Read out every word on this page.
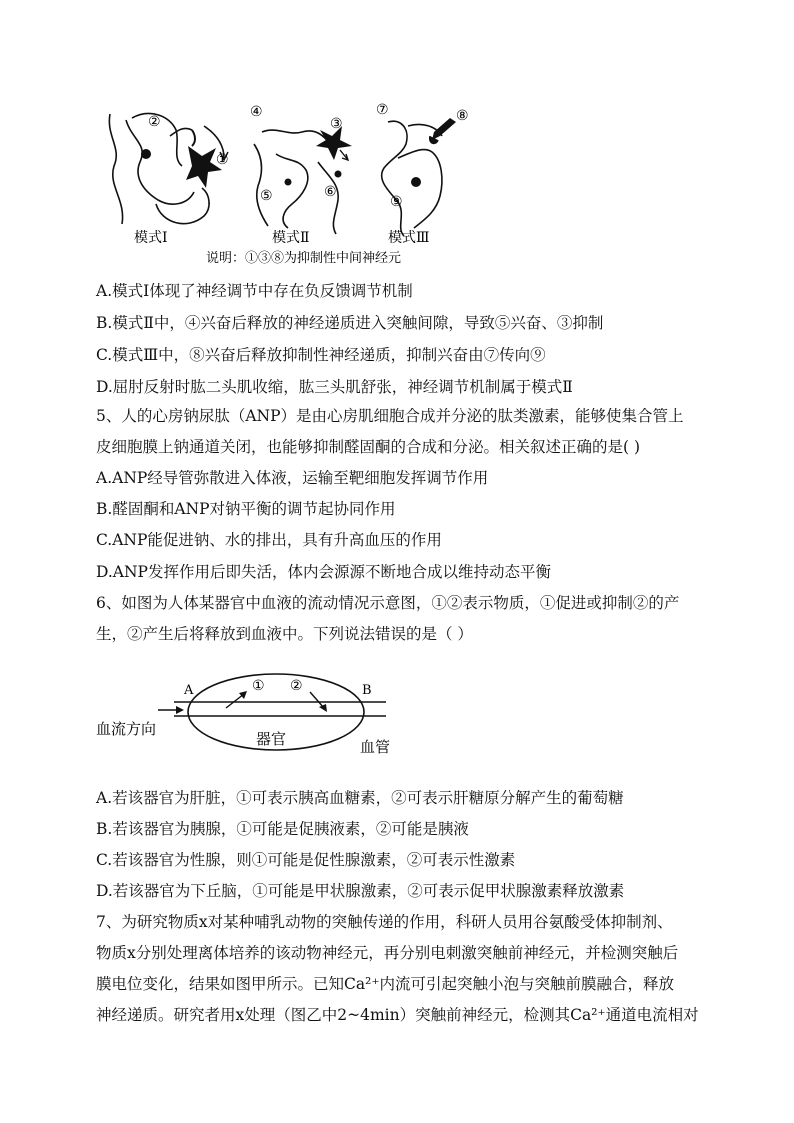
②
①
④
③
⑤	⑥
⑦	⑧
⑨
模式Ⅰ	模式Ⅱ	模式Ⅲ
说明：①③⑧为抑制性中间神经元
A.模式Ⅰ体现了神经调节中存在负反馈调节机制
B.模式Ⅱ中，④兴奋后释放的神经递质进入突触间隙，导致⑤兴奋、③抑制
C.模式Ⅲ中，⑧兴奋后释放抑制性神经递质，抑制兴奋由⑦传向⑨
D.屈肘反射时肱二头肌收缩，肱三头肌舒张，神经调节机制属于模式Ⅱ
5、人的心房钠尿肽（ANP）是由心房肌细胞合成并分泌的肽类激素，能够使集合管上
皮细胞膜上钠通道关闭，也能够抑制醛固酮的合成和分泌。相关叙述正确的是( )
A.ANP经导管弥散进入体液，运输至靶细胞发挥调节作用
B.醛固酮和ANP对钠平衡的调节起协同作用
C.ANP能促进钠、水的排出，具有升高血压的作用
D.ANP发挥作用后即失活，体内会源源不断地合成以维持动态平衡
6、如图为人体某器官中血液的流动情况示意图，①②表示物质，①促进或抑制②的产
生，②产生后将释放到血液中。下列说法错误的是（ ）
A	B
① ②
血流方向
器官	血管
A.若该器官为肝脏，①可表示胰高血糖素，②可表示肝糖原分解产生的葡萄糖
B.若该器官为胰腺，①可能是促胰液素，②可能是胰液
C.若该器官为性腺，则①可能是促性腺激素，②可表示性激素
D.若该器官为下丘脑，①可能是甲状腺激素，②可表示促甲状腺激素释放激素
7、为研究物质x对某种哺乳动物的突触传递的作用，科研人员用谷氨酸受体抑制剂、
物质x分别处理离体培养的该动物神经元，再分别电刺激突触前神经元，并检测突触后
膜电位变化，结果如图甲所示。已知Ca²⁺内流可引起突触小泡与突触前膜融合，释放
神经递质。研究者用x处理（图乙中2~4min）突触前神经元，检测其Ca²⁺通道电流相对
